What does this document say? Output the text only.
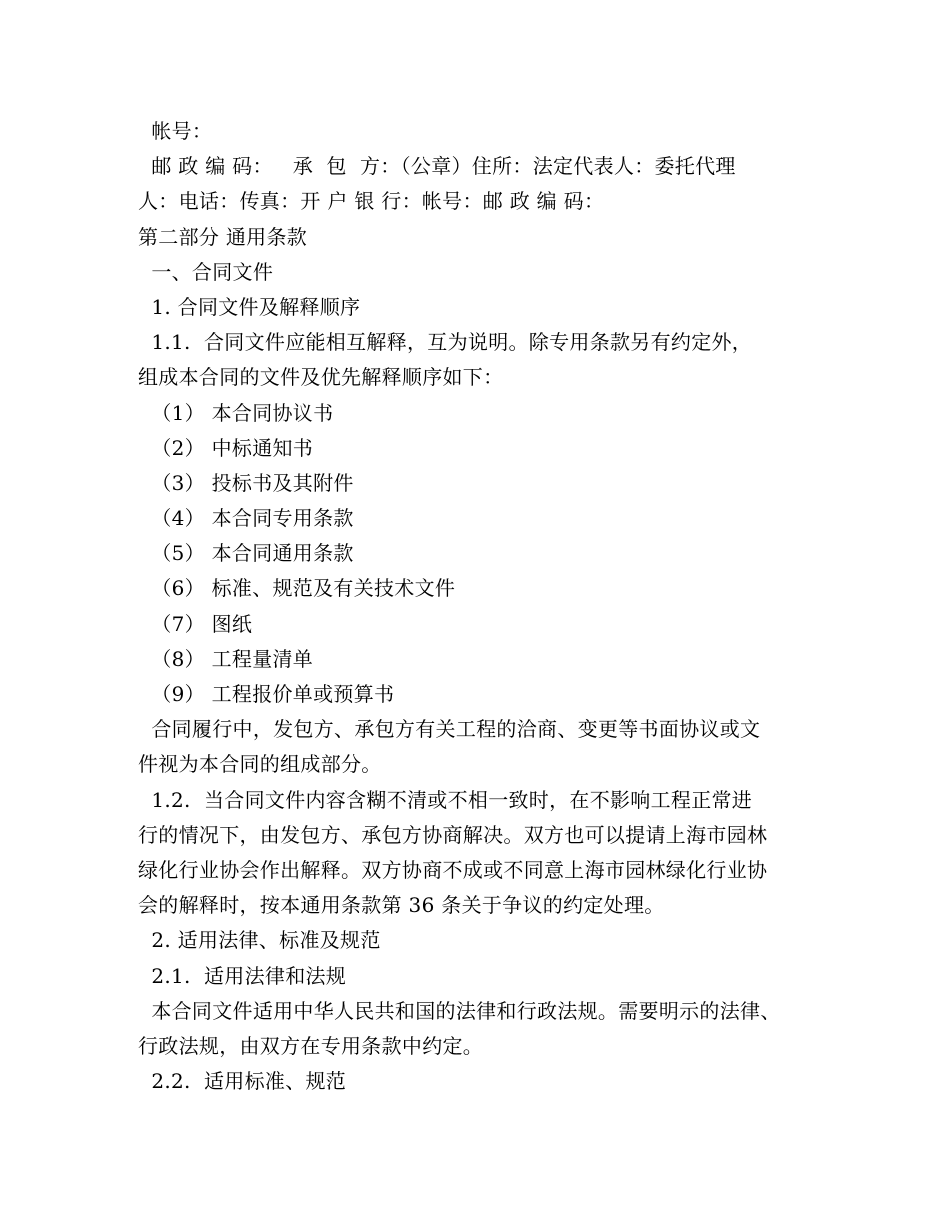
帐号：
邮 政 编 码：   承  包  方：（公章）住所：法定代表人：委托代理
人：电话：传真：开 户 银 行：帐号：邮 政 编 码：
第二部分 通用条款
一、合同文件
1. 合同文件及解释顺序
1.1.  合同文件应能相互解释，互为说明。除专用条款另有约定外，
组成本合同的文件及优先解释顺序如下：
（1） 本合同协议书
（2） 中标通知书
（3） 投标书及其附件
（4） 本合同专用条款
（5） 本合同通用条款
（6） 标准、规范及有关技术文件
（7） 图纸
（8） 工程量清单
（9） 工程报价单或预算书
合同履行中，发包方、承包方有关工程的洽商、变更等书面协议或文
件视为本合同的组成部分。
1.2.  当合同文件内容含糊不清或不相一致时，在不影响工程正常进
行的情况下，由发包方、承包方协商解决。双方也可以提请上海市园林
绿化行业协会作出解释。双方协商不成或不同意上海市园林绿化行业协
会的解释时，按本通用条款第 36 条关于争议的约定处理。
2. 适用法律、标准及规范
2.1.  适用法律和法规
本合同文件适用中华人民共和国的法律和行政法规。需要明示的法律、
行政法规，由双方在专用条款中约定。
2.2.  适用标准、规范
